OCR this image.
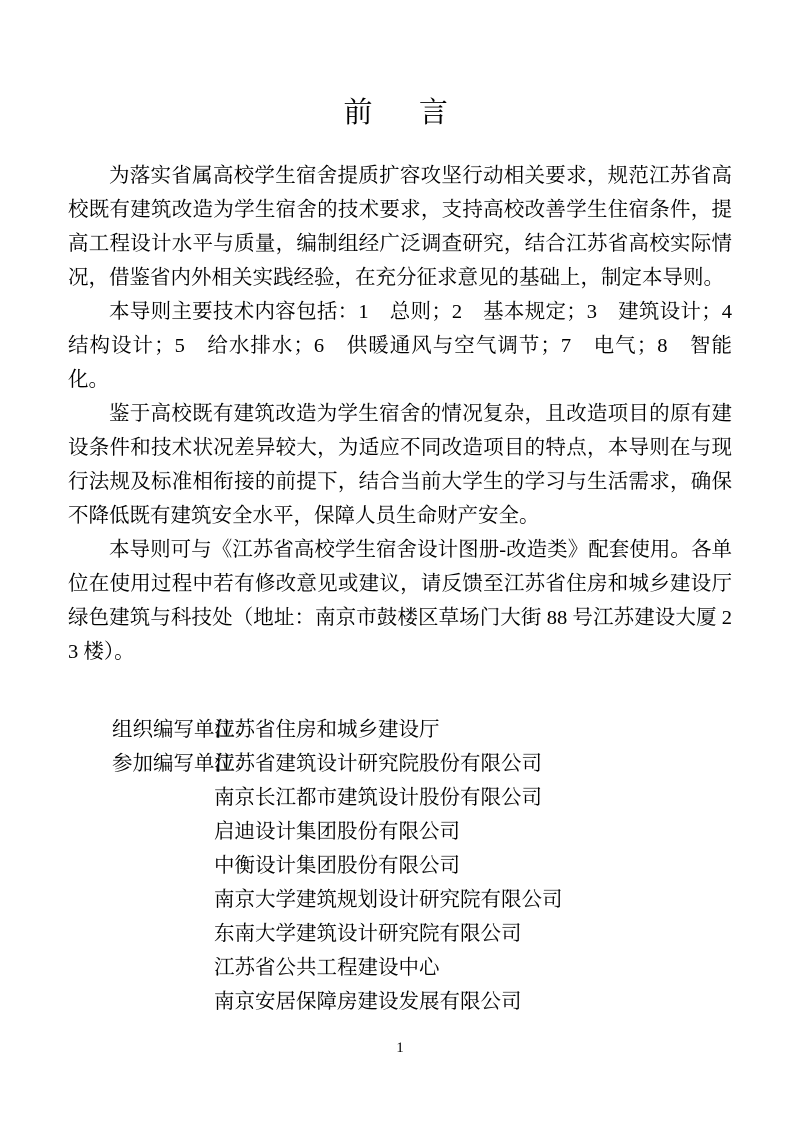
前　言

为落实省属高校学生宿舍提质扩容攻坚行动相关要求，规范江苏省高校既有建筑改造为学生宿舍的技术要求，支持高校改善学生住宿条件，提高工程设计水平与质量，编制组经广泛调查研究，结合江苏省高校实际情况，借鉴省内外相关实践经验，在充分征求意见的基础上，制定本导则。

本导则主要技术内容包括：1　总则；2　基本规定；3　建筑设计；4　结构设计；5　给水排水；6　供暖通风与空气调节；7　电气；8　智能化。

鉴于高校既有建筑改造为学生宿舍的情况复杂，且改造项目的原有建设条件和技术状况差异较大，为适应不同改造项目的特点，本导则在与现行法规及标准相衔接的前提下，结合当前大学生的学习与生活需求，确保不降低既有建筑安全水平，保障人员生命财产安全。

本导则可与《江苏省高校学生宿舍设计图册-改造类》配套使用。各单位在使用过程中若有修改意见或建议，请反馈至江苏省住房和城乡建设厅绿色建筑与科技处（地址：南京市鼓楼区草场门大街 88 号江苏建设大厦 23 楼）。

组织编写单位：
江苏省住房和城乡建设厅
参加编写单位：
江苏省建筑设计研究院股份有限公司
南京长江都市建筑设计股份有限公司
启迪设计集团股份有限公司
中衡设计集团股份有限公司
南京大学建筑规划设计研究院有限公司
东南大学建筑设计研究院有限公司
江苏省公共工程建设中心
南京安居保障房建设发展有限公司
1
